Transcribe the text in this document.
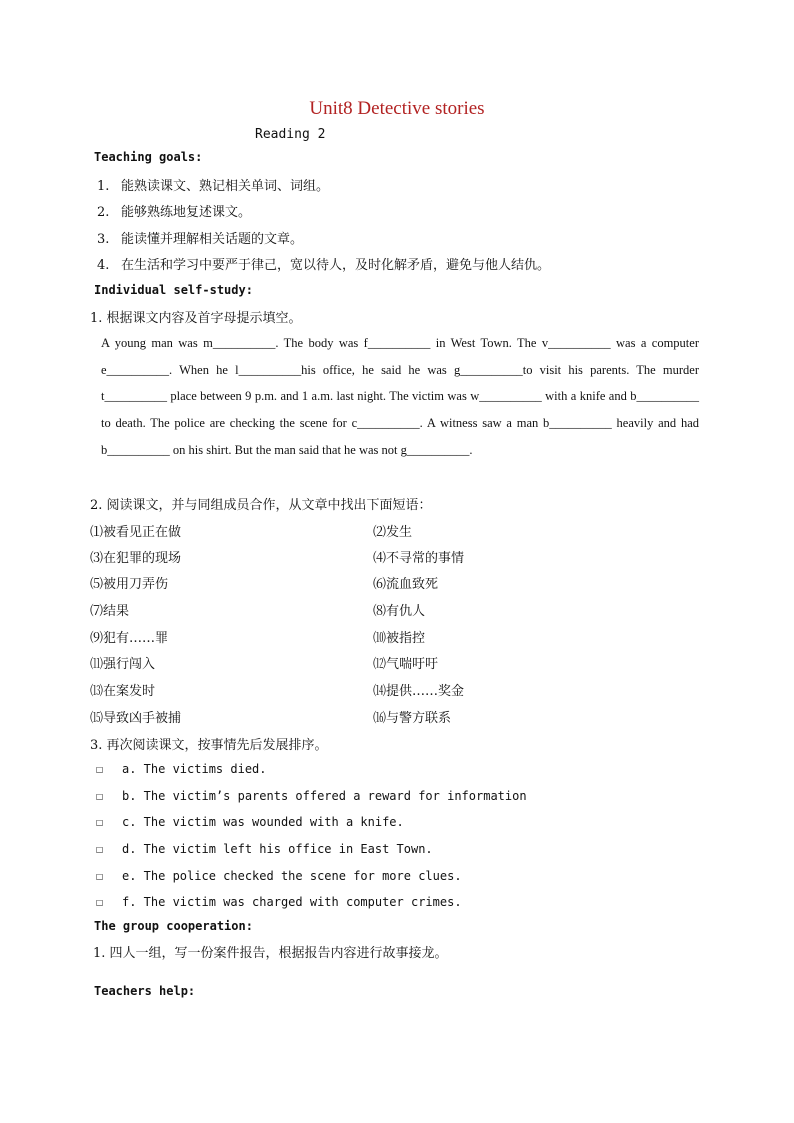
Unit8 Detective stories
Reading 2
Teaching goals:
1. 能熟读课文、熟记相关单词、词组。
2. 能够熟练地复述课文。
3. 能读懂并理解相关话题的文章。
4. 在生活和学习中要严于律己，宽以待人，及时化解矛盾，避免与他人结仇。
Individual self-study:
1. 根据课文内容及首字母提示填空。
A young man was m__________. The body was f__________ in West Town. The v__________ was a computer e__________. When he l__________his office, he said he was g__________to visit his parents. The murder t__________ place between 9 p.m. and 1 a.m. last night. The victim was w__________ with a knife and b__________ to death. The police are checking the scene for c__________. A witness saw a man b__________ heavily and had b__________ on his shirt. But the man said that he was not g__________.
2. 阅读课文，并与同组成员合作，从文章中找出下面短语：
⑴被看见正在做	⑵发生
⑶在犯罪的现场	⑷不寻常的事情
⑸被用刀弄伤	⑹流血致死
⑺结果	⑻有仇人
⑼犯有……罪	⑽被指控
⑾强行闯入	⑿气喘吁吁
⒀在案发时	⒁提供……奖金
⒂导致凶手被捕	⒃与警方联系
3. 再次阅读课文，按事情先后发展排序。
☐ a. The victims died.
☐ b. The victim’s parents offered a reward for information
☐ c. The victim was wounded with a knife.
☐ d. The victim left his office in East Town.
☐ e. The police checked the scene for more clues.
☐ f. The victim was charged with computer crimes.
The group cooperation:
1. 四人一组，写一份案件报告，根据报告内容进行故事接龙。
Teachers help:
